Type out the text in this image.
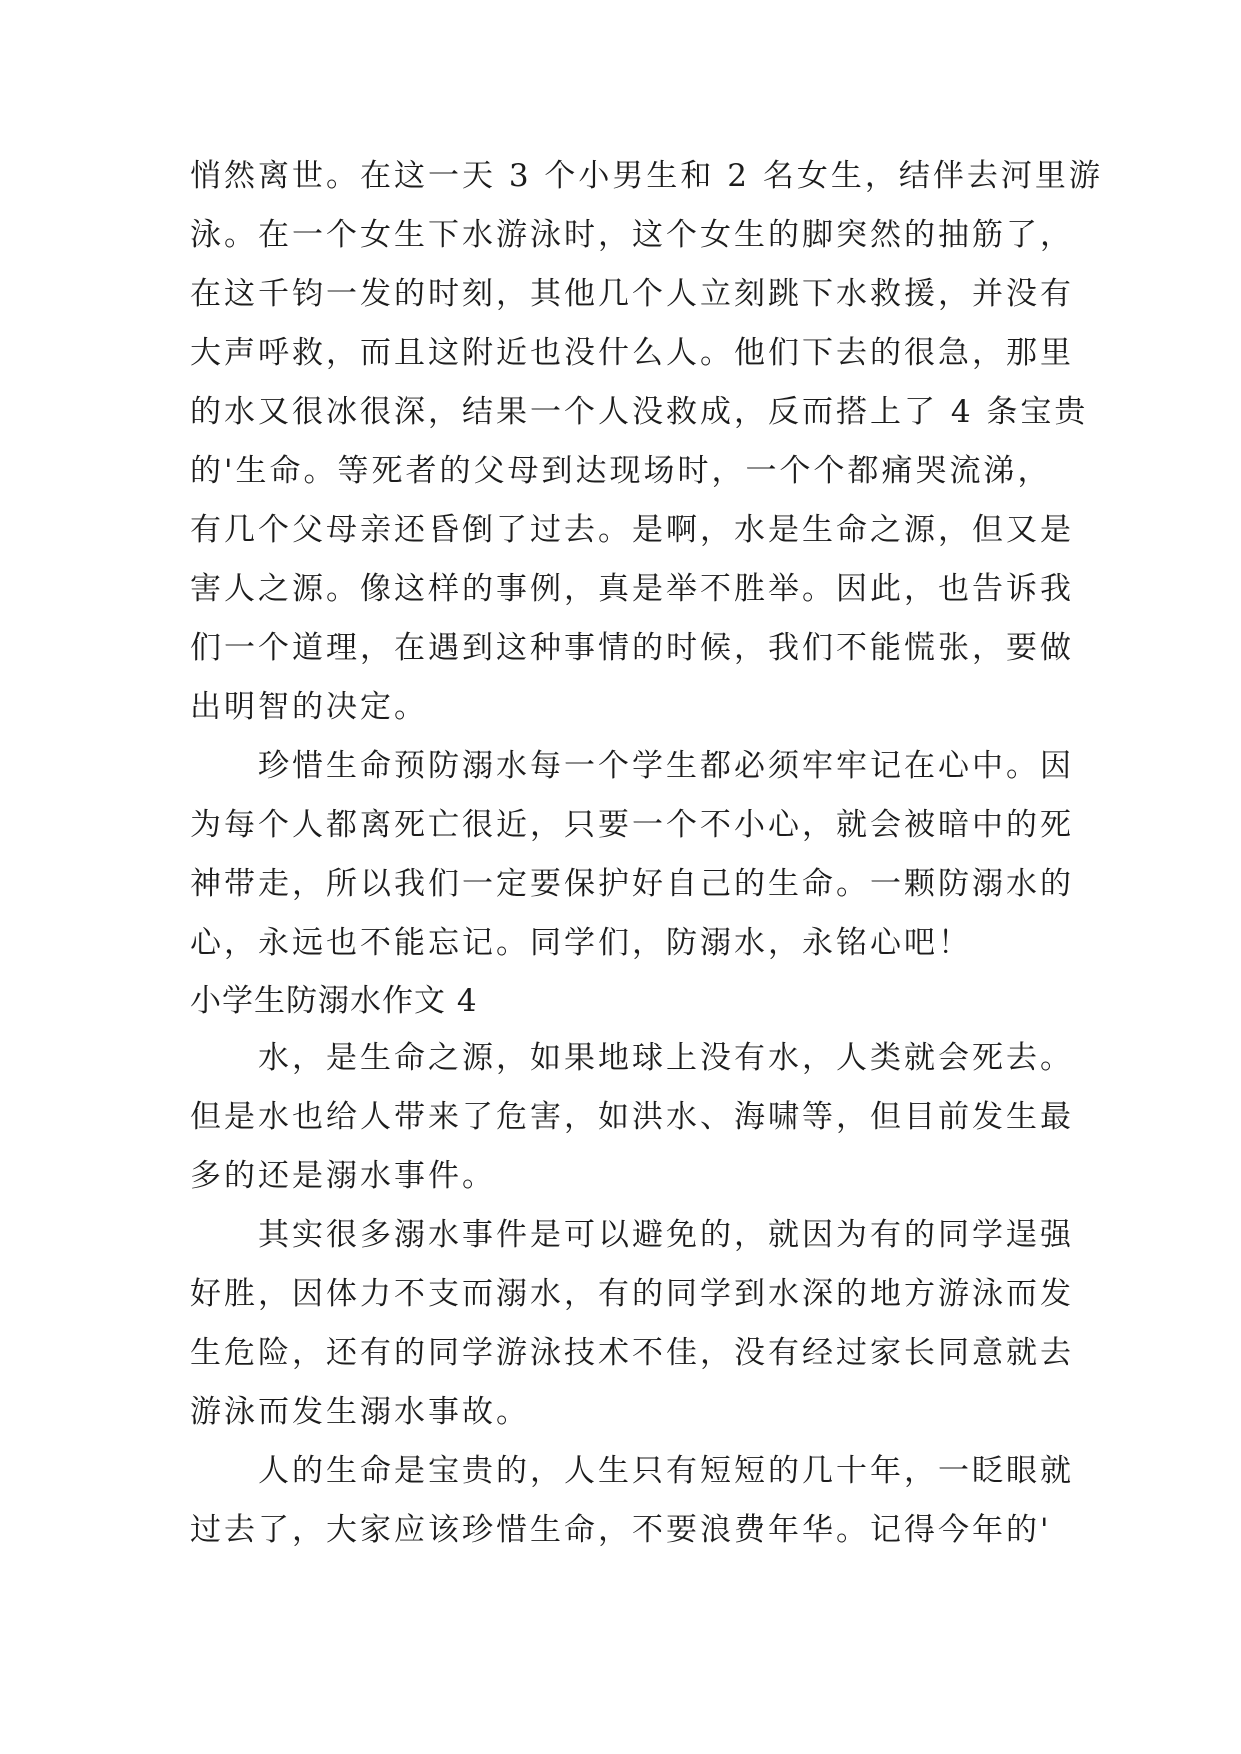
悄然离世。在这一天 3 个小男生和 2 名女生，结伴去河里游
泳。在一个女生下水游泳时，这个女生的脚突然的抽筋了，
在这千钧一发的时刻，其他几个人立刻跳下水救援，并没有
大声呼救，而且这附近也没什么人。他们下去的很急，那里
的水又很冰很深，结果一个人没救成，反而搭上了 4 条宝贵
的'生命。等死者的父母到达现场时，一个个都痛哭流涕，
有几个父母亲还昏倒了过去。是啊，水是生命之源，但又是
害人之源。像这样的事例，真是举不胜举。因此，也告诉我
们一个道理，在遇到这种事情的时候，我们不能慌张，要做
出明智的决定。
　　珍惜生命预防溺水每一个学生都必须牢牢记在心中。因
为每个人都离死亡很近，只要一个不小心，就会被暗中的死
神带走，所以我们一定要保护好自己的生命。一颗防溺水的
心，永远也不能忘记。同学们，防溺水，永铭心吧！
小学生防溺水作文 4
　　水，是生命之源，如果地球上没有水，人类就会死去。
但是水也给人带来了危害，如洪水、海啸等，但目前发生最
多的还是溺水事件。
　　其实很多溺水事件是可以避免的，就因为有的同学逞强
好胜，因体力不支而溺水，有的同学到水深的地方游泳而发
生危险，还有的同学游泳技术不佳，没有经过家长同意就去
游泳而发生溺水事故。
　　人的生命是宝贵的，人生只有短短的几十年，一眨眼就
过去了，大家应该珍惜生命，不要浪费年华。记得今年的'
